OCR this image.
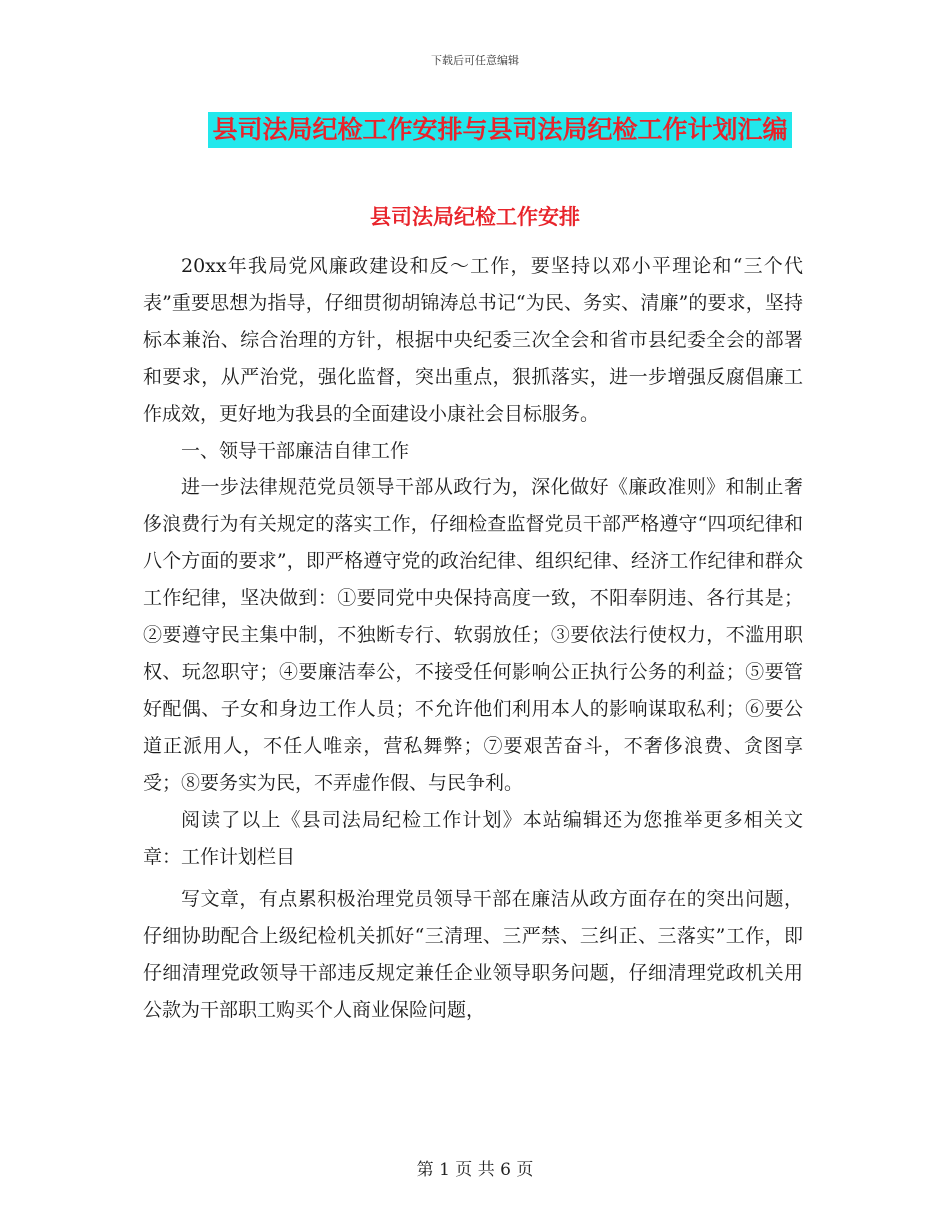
下载后可任意编辑
县司法局纪检工作安排与县司法局纪检工作计划汇编
县司法局纪检工作安排

20xx年我局党风廉政建设和反～工作，要坚持以邓小平理论和“三个代表”重要思想为指导，仔细贯彻胡锦涛总书记“为民、务实、清廉”的要求，坚持标本兼治、综合治理的方针，根据中央纪委三次全会和省市县纪委全会的部署和要求，从严治党，强化监督，突出重点，狠抓落实，进一步增强反腐倡廉工作成效，更好地为我县的全面建设小康社会目标服务。

一、领导干部廉洁自律工作

进一步法律规范党员领导干部从政行为，深化做好《廉政准则》和制止奢侈浪费行为有关规定的落实工作，仔细检查监督党员干部严格遵守“四项纪律和八个方面的要求”，即严格遵守党的政治纪律、组织纪律、经济工作纪律和群众工作纪律，坚决做到：①要同党中央保持高度一致，不阳奉阴违、各行其是；②要遵守民主集中制，不独断专行、软弱放任；③要依法行使权力，不滥用职权、玩忽职守；④要廉洁奉公，不接受任何影响公正执行公务的利益；⑤要管好配偶、子女和身边工作人员；不允许他们利用本人的影响谋取私利；⑥要公道正派用人，不任人唯亲，营私舞弊；⑦要艰苦奋斗，不奢侈浪费、贪图享受；⑧要务实为民，不弄虚作假、与民争利。

阅读了以上《县司法局纪检工作计划》本站编辑还为您推举更多相关文章：工作计划栏目

写文章，有点累积极治理党员领导干部在廉洁从政方面存在的突出问题，仔细协助配合上级纪检机关抓好“三清理、三严禁、三纠正、三落实”工作，即仔细清理党政领导干部违反规定兼任企业领导职务问题，仔细清理党政机关用公款为干部职工购买个人商业保险问题，

第 1 页 共 6 页
